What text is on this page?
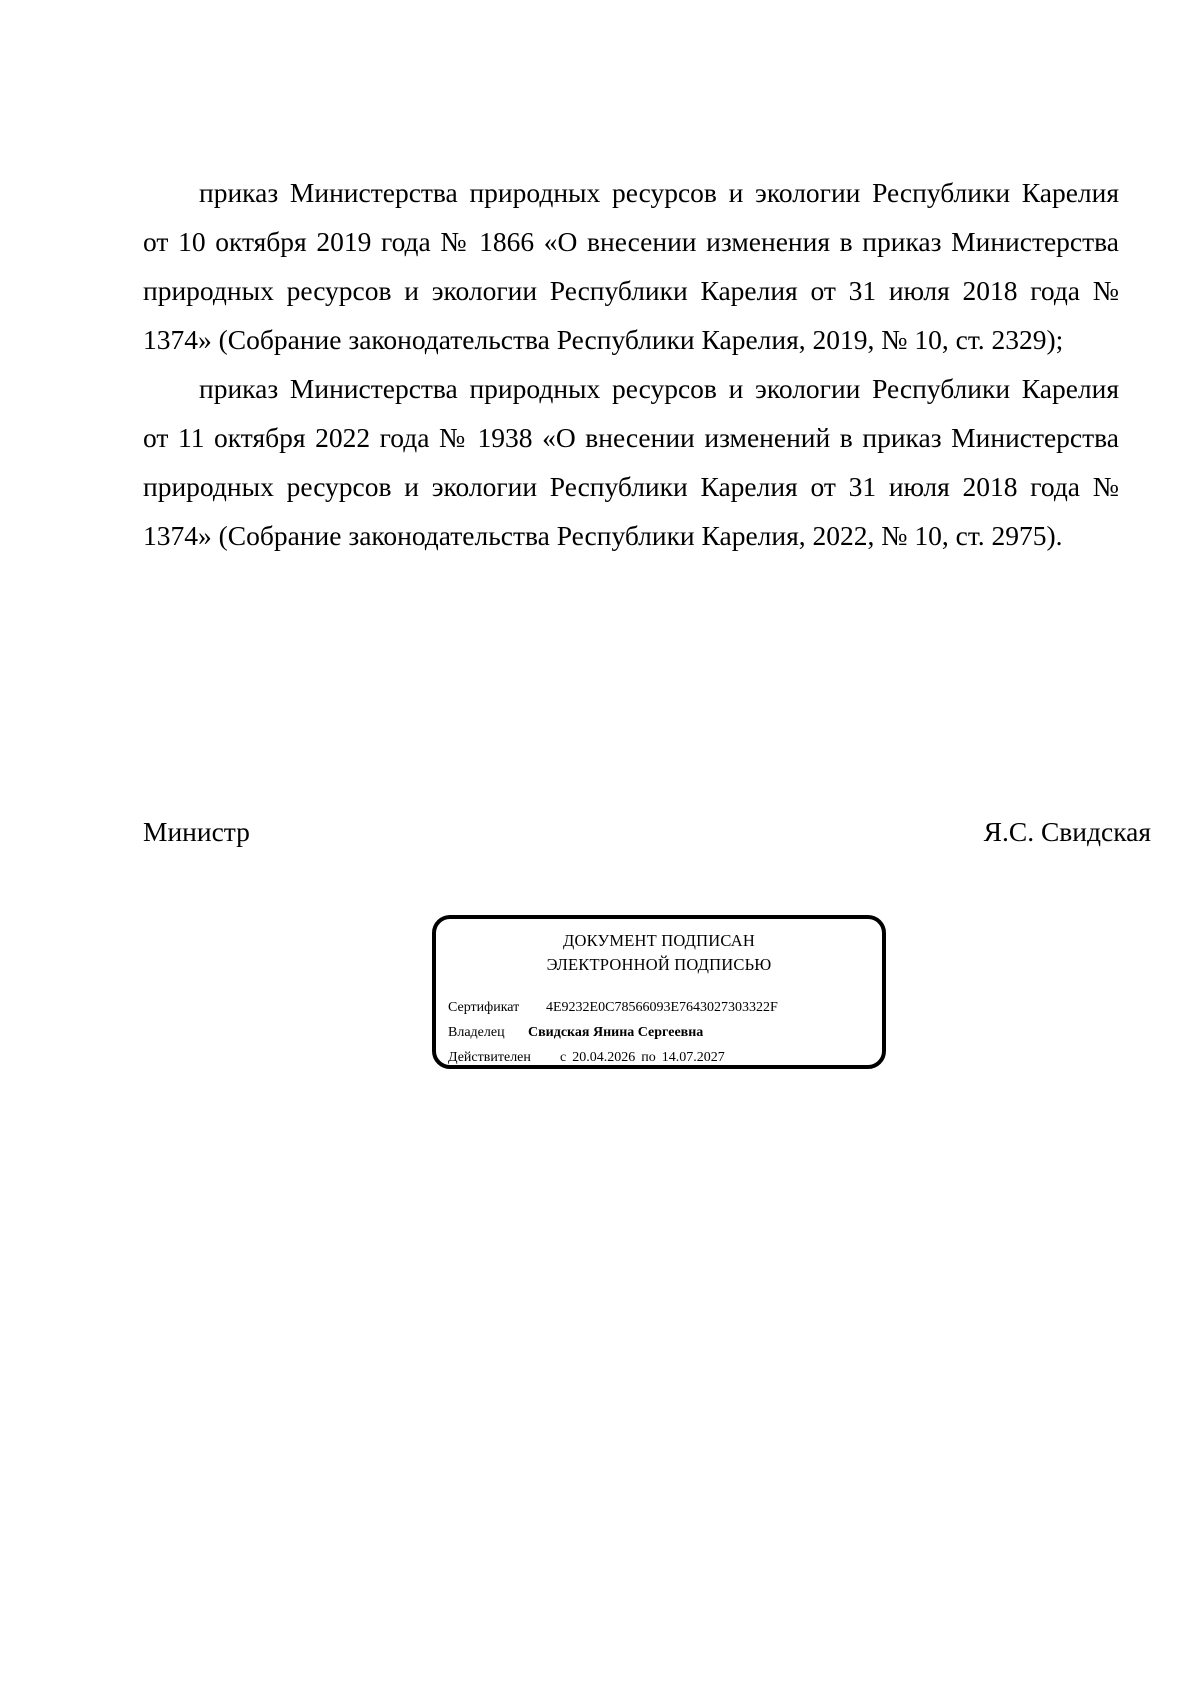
приказ Министерства природных ресурсов и экологии Республики Карелия
от 10 октября 2019 года № 1866 «О внесении изменения в приказ Министерства
природных ресурсов и экологии Республики Карелия от 31 июля 2018 года №
1374» (Собрание законодательства Республики Карелия, 2019, № 10, ст. 2329);

приказ Министерства природных ресурсов и экологии Республики Карелия
от 11 октября 2022 года № 1938 «О внесении изменений в приказ Министерства
природных ресурсов и экологии Республики Карелия от 31 июля 2018 года №
1374» (Собрание законодательства Республики Карелия, 2022, № 10, ст. 2975).

Министр	Я.С. Свидская
ДОКУМЕНТ ПОДПИСАН
ЭЛЕКТРОННОЙ ПОДПИСЬЮ
Сертификат 4E9232E0C78566093E7643027303322F
Владелец Свидская Янина Сергеевна
Действителен с 20.04.2026 по 14.07.2027
